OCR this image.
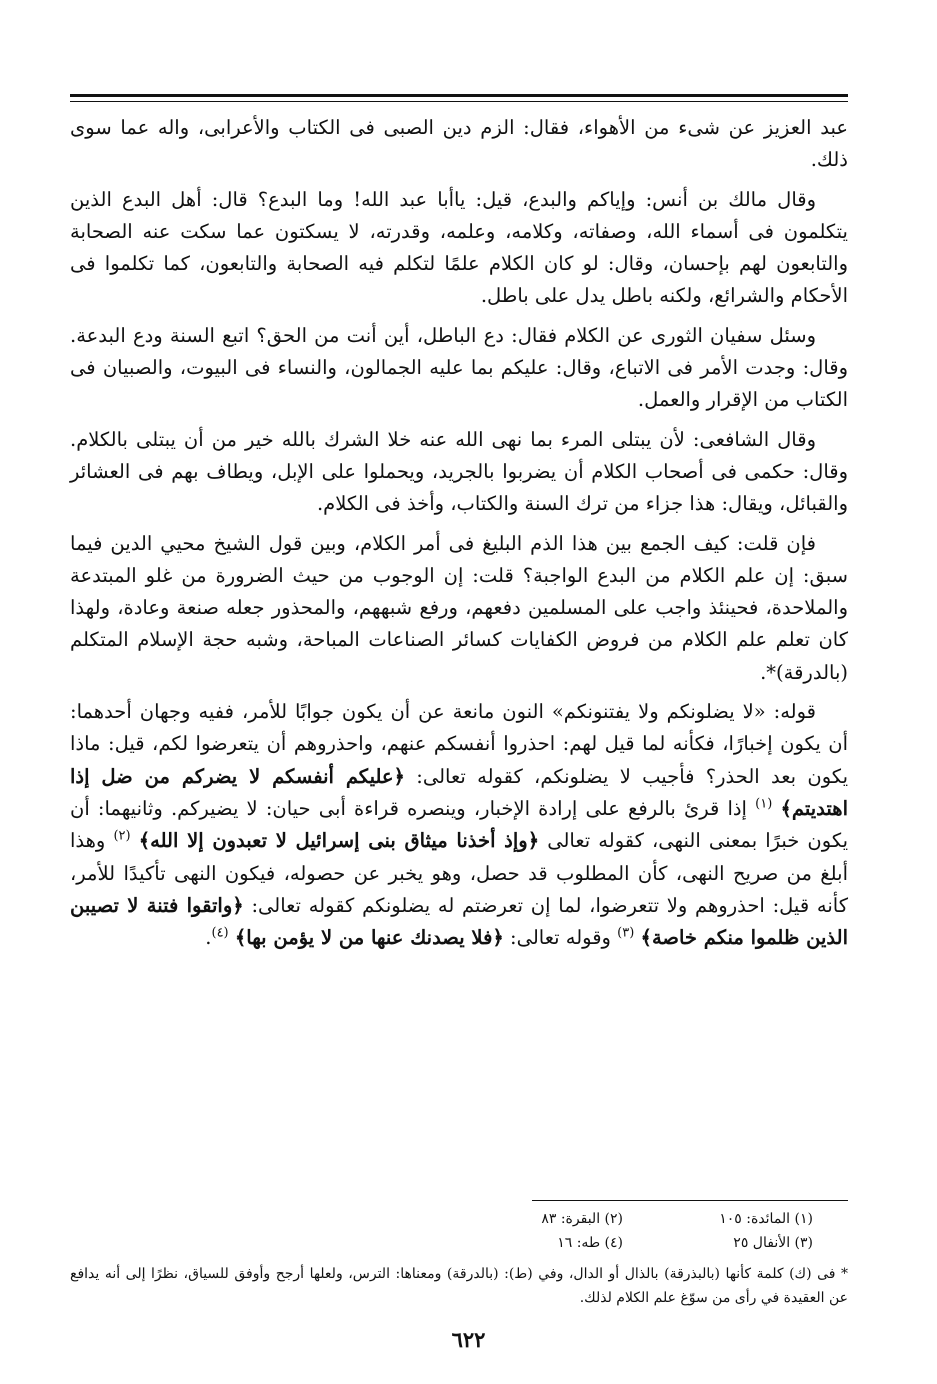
عبد العزيز عن شىء من الأهواء، فقال: الزم دين الصبى فى الكتاب والأعرابى، واله عما سوى ذلك.

وقال مالك بن أنس: وإياكم والبدع، قيل: ياأبا عبد الله! وما البدع؟ قال: أهل البدع الذين يتكلمون فى أسماء الله، وصفاته، وكلامه، وعلمه، وقدرته، لا يسكتون عما سكت عنه الصحابة والتابعون لهم بإحسان، وقال: لو كان الكلام علمًا لتكلم فيه الصحابة والتابعون، كما تكلموا فى الأحكام والشرائع، ولكنه باطل يدل على باطل.

وسئل سفيان الثورى عن الكلام فقال: دع الباطل، أين أنت من الحق؟ اتبع السنة ودع البدعة. وقال: وجدت الأمر فى الاتباع، وقال: عليكم بما عليه الجمالون، والنساء فى البيوت، والصبيان فى الكتاب من الإقرار والعمل.

وقال الشافعى: لأن يبتلى المرء بما نهى الله عنه خلا الشرك بالله خير من أن يبتلى بالكلام. وقال: حكمى فى أصحاب الكلام أن يضربوا بالجريد، ويحملوا على الإبل، ويطاف بهم فى العشائر والقبائل، ويقال: هذا جزاء من ترك السنة والكتاب، وأخذ فى الكلام.

فإن قلت: كيف الجمع بين هذا الذم البليغ فى أمر الكلام، وبين قول الشيخ محيي الدين فيما سبق: إن علم الكلام من البدع الواجبة؟ قلت: إن الوجوب من حيث الضرورة من غلو المبتدعة والملاحدة، فحينئذ واجب على المسلمين دفعهم، ورفع شبههم، والمحذور جعله صنعة وعادة، ولهذا كان تعلم علم الكلام من فروض الكفايات كسائر الصناعات المباحة، وشبه حجة الإسلام المتكلم (بالدرقة)*.

قوله: «لا يضلونكم ولا يفتنونكم» النون مانعة عن أن يكون جوابًا للأمر، ففيه وجهان أحدهما: أن يكون إخبارًا، فكأنه لما قيل لهم: احذروا أنفسكم عنهم، واحذروهم أن يتعرضوا لكم، قيل: ماذا يكون بعد الحذر؟ فأجيب لا يضلونكم، كقوله تعالى: ﴿عليكم أنفسكم لا يضركم من ضل إذا اهتديتم﴾ $^{(١)}$ إذا قرئ بالرفع على إرادة الإخبار، وينصره قراءة أبى حيان: لا يضيركم. وثانيهما: أن يكون خبرًا بمعنى النهى، كقوله تعالى ﴿وإذ أخذنا ميثاق بنى إسرائيل لا تعبدون إلا الله﴾ $^{(٢)}$ وهذا أبلغ من صريح النهى، كأن المطلوب قد حصل، وهو يخبر عن حصوله، فيكون النهى تأكيدًا للأمر، كأنه قيل: احذروهم ولا تتعرضوا، لما إن تعرضتم له يضلونكم كقوله تعالى: ﴿واتقوا فتنة لا تصيبن الذين ظلموا منكم خاصة﴾ $^{(٣)}$ وقوله تعالى: ﴿فلا يصدنك عنها من لا يؤمن بها﴾ $^{(٤)}$.

(١) المائدة: ١٠٥
(٢) البقرة: ٨٣
(٣) الأنفال ٢٥
(٤) طه: ١٦
* فى (ك) كلمة كأنها (بالبذرقة) بالذال أو الدال، وفي (ط): (بالدرقة) ومعناها: الترس، ولعلها أرجح وأوفق للسياق، نظرًا إلى أنه يدافع عن العقيدة في رأى من سوّغ علم الكلام لذلك.
٦٢٢
